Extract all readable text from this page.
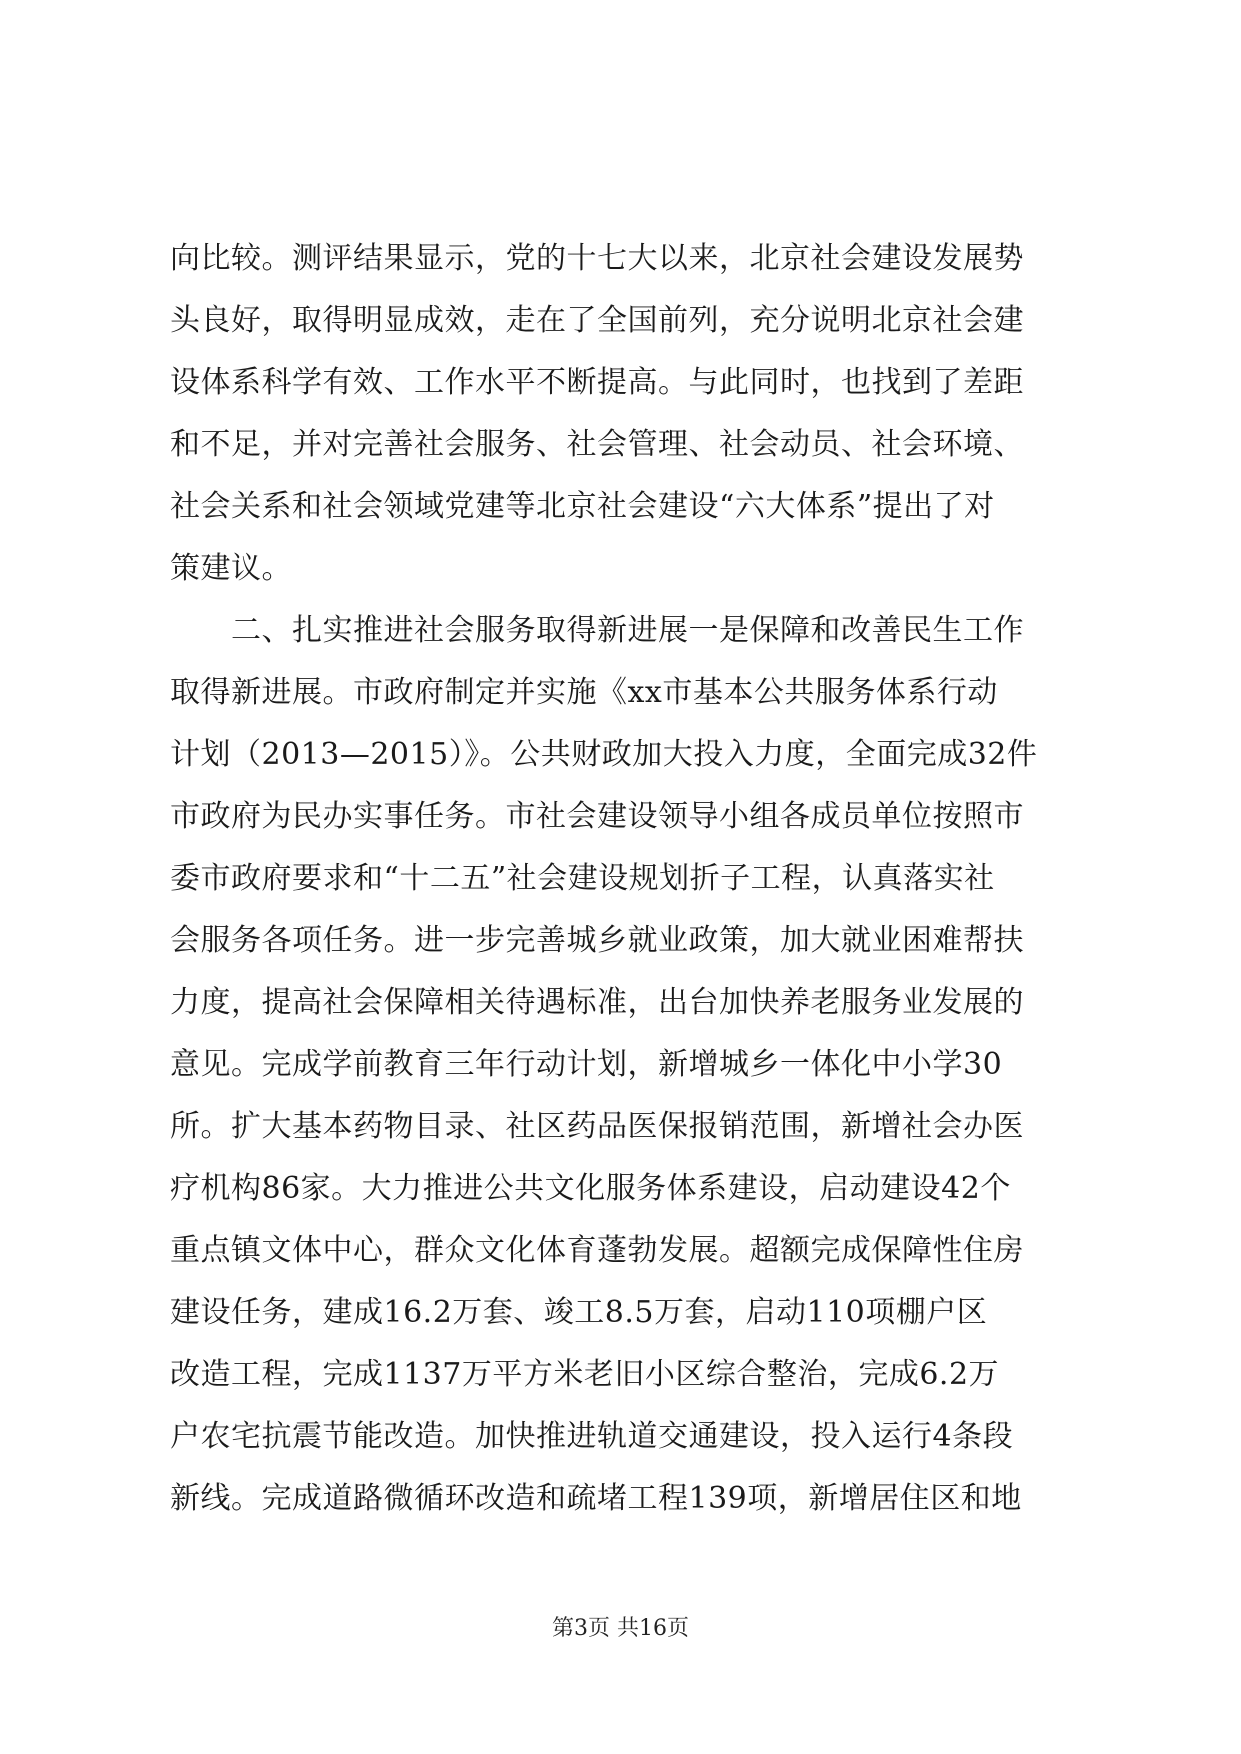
向比较。测评结果显示，党的十七大以来，北京社会建设发展势
头良好，取得明显成效，走在了全国前列，充分说明北京社会建
设体系科学有效、工作水平不断提高。与此同时，也找到了差距
和不足，并对完善社会服务、社会管理、社会动员、社会环境、
社会关系和社会领域党建等北京社会建设“六大体系”提出了对
策建议。
　　二、扎实推进社会服务取得新进展一是保障和改善民生工作
取得新进展。市政府制定并实施《xx市基本公共服务体系行动
计划（2013—2015）》。公共财政加大投入力度，全面完成32件
市政府为民办实事任务。市社会建设领导小组各成员单位按照市
委市政府要求和“十二五”社会建设规划折子工程，认真落实社
会服务各项任务。进一步完善城乡就业政策，加大就业困难帮扶
力度，提高社会保障相关待遇标准，出台加快养老服务业发展的
意见。完成学前教育三年行动计划，新增城乡一体化中小学30
所。扩大基本药物目录、社区药品医保报销范围，新增社会办医
疗机构86家。大力推进公共文化服务体系建设，启动建设42个
重点镇文体中心，群众文化体育蓬勃发展。超额完成保障性住房
建设任务，建成16.2万套、竣工8.5万套，启动110项棚户区
改造工程，完成1137万平方米老旧小区综合整治，完成6.2万
户农宅抗震节能改造。加快推进轨道交通建设，投入运行4条段
新线。完成道路微循环改造和疏堵工程139项，新增居住区和地
第3页 共16页
